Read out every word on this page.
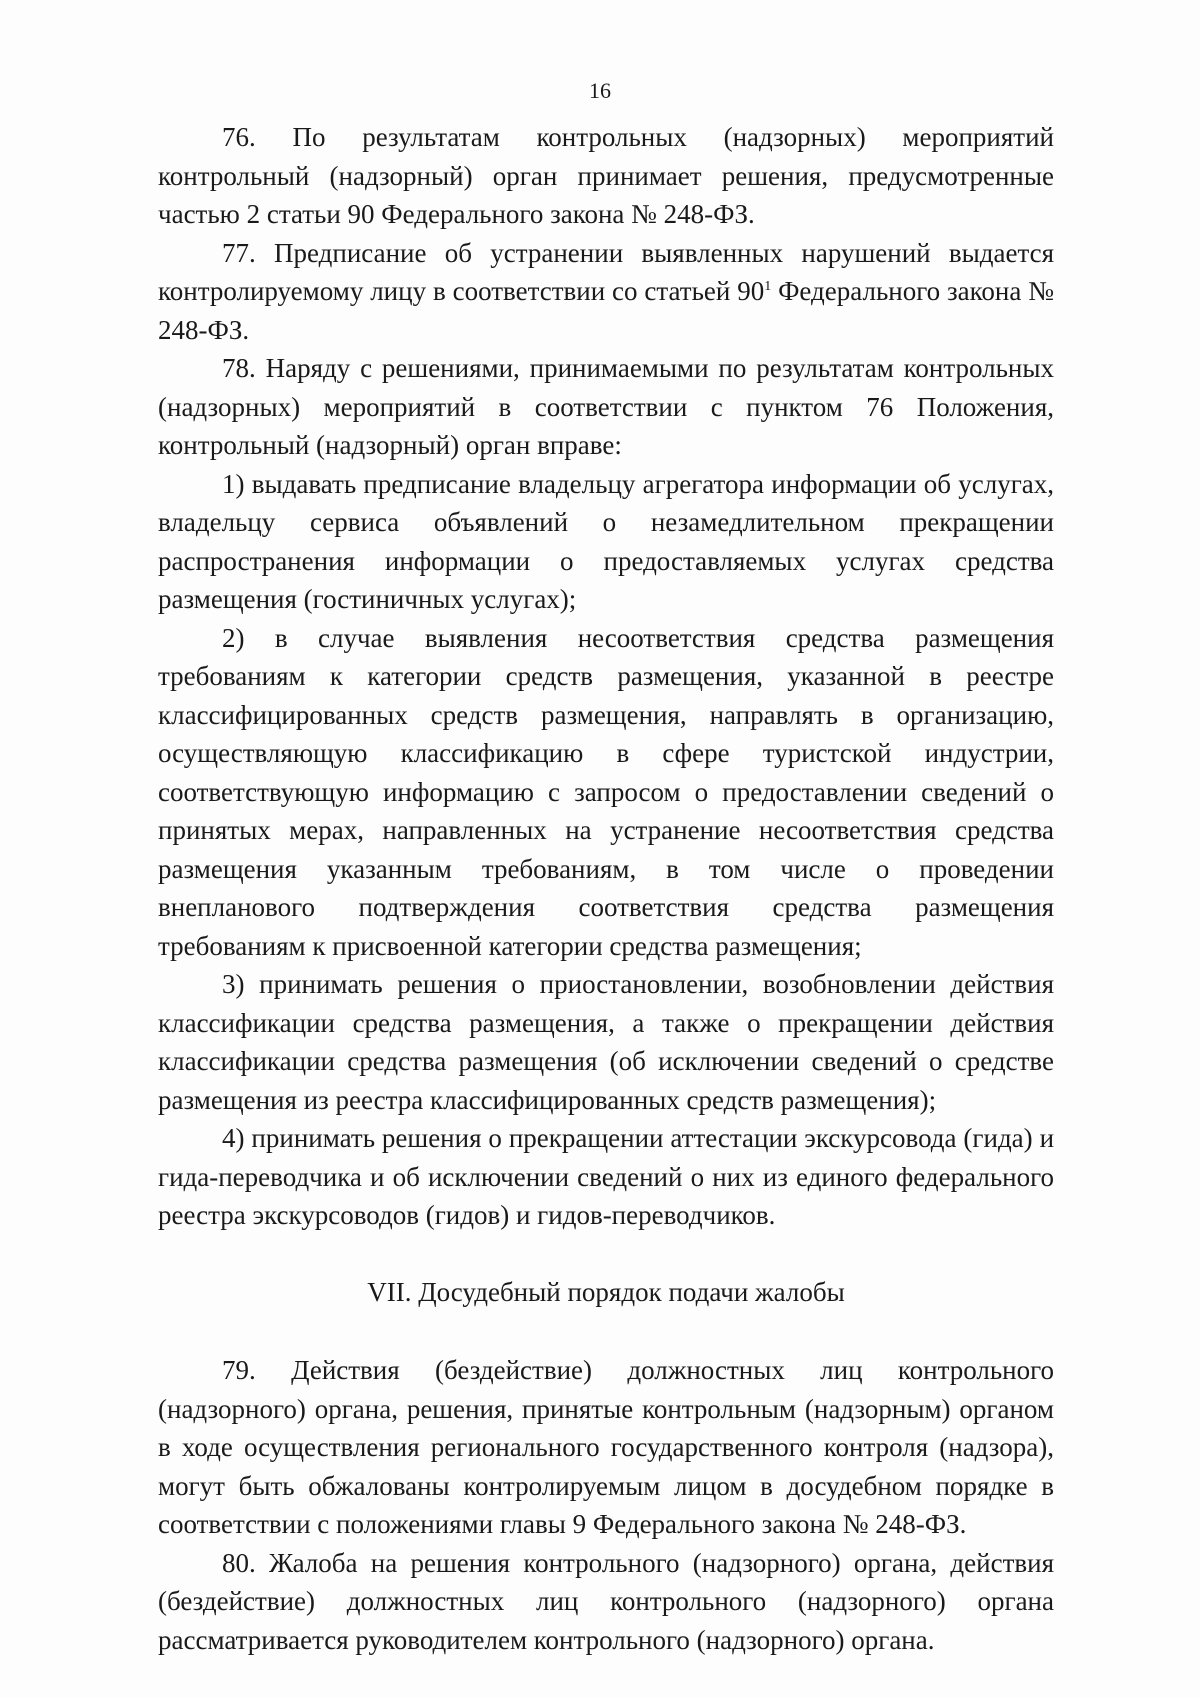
16

76. По результатам контрольных (надзорных) мероприятий контрольный (надзорный) орган принимает решения, предусмотренные частью 2 статьи 90 Федерального закона № 248-ФЗ.

77. Предписание об устранении выявленных нарушений выдается контролируемому лицу в соответствии со статьей $90^1$ Федерального закона № 248-ФЗ.

78. Наряду с решениями, принимаемыми по результатам контрольных (надзорных) мероприятий в соответствии с пунктом 76 Положения, контрольный (надзорный) орган вправе:

1) выдавать предписание владельцу агрегатора информации об услугах, владельцу сервиса объявлений о незамедлительном прекращении распространения информации о предоставляемых услугах средства размещения (гостиничных услугах);

2) в случае выявления несоответствия средства размещения требованиям к категории средств размещения, указанной в реестре классифицированных средств размещения, направлять в организацию, осуществляющую классификацию в сфере туристской индустрии, соответствующую информацию с запросом о предоставлении сведений о принятых мерах, направленных на устранение несоответствия средства размещения указанным требованиям, в том числе о проведении внепланового подтверждения соответствия средства размещения требованиям к присвоенной категории средства размещения;

3) принимать решения о приостановлении, возобновлении действия классификации средства размещения, а также о прекращении действия классификации средства размещения (об исключении сведений о средстве размещения из реестра классифицированных средств размещения);

4) принимать решения о прекращении аттестации экскурсовода (гида) и гида-переводчика и об исключении сведений о них из единого федерального реестра экскурсоводов (гидов) и гидов-переводчиков.

VII. Досудебный порядок подачи жалобы

79. Действия (бездействие) должностных лиц контрольного (надзорного) органа, решения, принятые контрольным (надзорным) органом в ходе осуществления регионального государственного контроля (надзора), могут быть обжалованы контролируемым лицом в досудебном порядке в соответствии с положениями главы 9 Федерального закона № 248-ФЗ.

80. Жалоба на решения контрольного (надзорного) органа, действия (бездействие) должностных лиц контрольного (надзорного) органа рассматривается руководителем контрольного (надзорного) органа.
